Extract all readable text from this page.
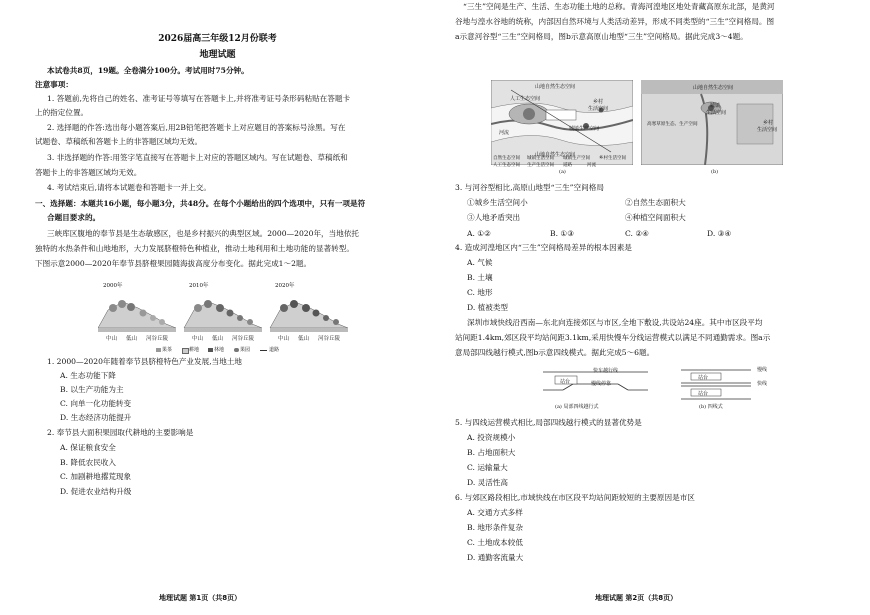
2026届高三年级12月份联考
地理试题
本试卷共8页，19题。全卷满分100分。考试用时75分钟。
注意事项：
1. 答题前,先将自己的姓名、准考证号等填写在答题卡上,并将准考证号条形码粘贴在答题卡
上的指定位置。
2. 选择题的作答:选出每小题答案后,用2B铅笔把答题卡上对应题目的答案标号涂黑。写在
试题卷、草稿纸和答题卡上的非答题区域均无效。
3. 非选择题的作答:用签字笔直接写在答题卡上对应的答题区域内。写在试题卷、草稿纸和
答题卡上的非答题区域均无效。
4. 考试结束后,请将本试题卷和答题卡一并上交。
一、选择题：本题共16小题，每小题3分，共48分。在每个小题给出的四个选项中，只有一项是符
合题目要求的。
三峡库区腹地的奉节县是生态敏感区，也是乡村振兴的典型区域。2000—2020年，当地依托
独特的水热条件和山地地形，大力发展脐橙特色种植业，推动土地利用和土地功能的显著转型。
下图示意2000—2020年奉节县脐橙果园随海拔高度分布变化。据此完成1～2题。
2000年	2010年	2020年
中山 低山 河谷丘陵	中山 低山 河谷丘陵	中山 低山 河谷丘陵
果茶	耕地	林地	果园	道路
1. 2000—2020年随着奉节县脐橙特色产业发展,当地土地
A. 生态功能下降
B. 以生产功能为主
C. 向单一化功能转变
D. 生态经济功能提升
2. 奉节县大面积果园取代耕地的主要影响是
A. 保证粮食安全
B. 降低农民收入
C. 加剧耕地撂荒现象
D. 促进农业结构升级
地理试题 第1页（共8页）
“三生”空间是生产、生活、生态功能土地的总称。青海河湟地区地处青藏高原东北部，是黄河
谷地与湟水谷地的统称，内部因自然环境与人类活动差异，形成不同类型的“三生”空间格局。图
a示意河谷型“三生”空间格局，图b示意高原山地型“三生”空间格局。据此完成3～4题。
山地自然生态空间
人工生态空间	乡村
生活空间
城镇生产空间
河流
山地自然生态空间
(a)
山地自然生态空间
城镇
生活空间
高寒草原生态、生产空间	乡村
生活空间
(b)
自然生态空间 城镇生活空间 城镇生产空间 乡村生活空间
人工生态空间 生产生活空间 道路	河流
3. 与河谷型相比,高原山地型“三生”空间格局
①城乡生活空间小	②自然生态面积大
③人地矛盾突出	④种植空间面积大
A. ①②	B. ①③	C. ②④	D. ③④
4. 造成河湟地区内“三生”空间格局差异的根本因素是
A. 气候
B. 土壤
C. 地形
D. 植被类型
深圳市域快线沿西南—东北向连接郊区与市区,全地下敷设,共设站24座。其中市区段平均
站间距1.4km,郊区段平均站间距3.1km,采用快慢车分线运营模式以满足不同通勤需求。图a示
意局部四线越行模式,图b示意四线模式。据此完成5～6题。
快车越行线
慢线停靠
站台
(a) 局部四线越行式
慢线
站台
快线
站台
(b) 四线式
5. 与四线运营模式相比,局部四线越行模式的显著优势是
A. 投资规模小
B. 占地面积大
C. 运输量大
D. 灵活性高
6. 与郊区路段相比,市域快线在市区段平均站间距较短的主要原因是市区
A. 交通方式多样
B. 地形条件复杂
C. 土地成本较低
D. 通勤客流量大
地理试题 第2页（共8页）
